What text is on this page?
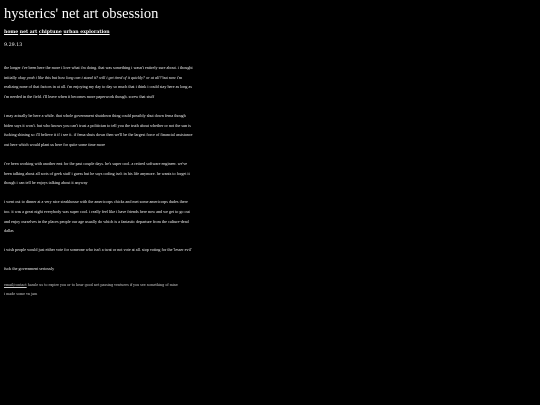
hysterics' net art obsession
home net art chiptune urban exploration
9.29.13

the longer i've been here the more i love what i'm doing. that was something i wasn't entirely sure about. i thought initially okay yeah i like this but how long can i stand it? will i get tired of it quickly? or at all? but now i'm realizing none of that factors in at all. i'm enjoying my day to day so much that i think i could stay here as long as i'm needed in the field. i'll leave when it becomes more paperwork though. screw that stuff

i may actually be here a while. that whole government shutdown thing could possibly shut down fema though biden says it won't. but who knows you can't trust a politician to tell you the truth about whether or not the sun is fucking shining so i'll believe it if i see it. if fema shuts down then we'll be the largest force of financial assistance out here which would plant us here for quite some time more

i've been working with another emt for the past couple days. he's super cool. a retired software engineer. we've been talking about all sorts of geek stuff i guess but he says coding isn't in his life anymore. he wants to forget it though i can tell he enjoys talking about it anyway

i went out to dinner at a very nice steakhouse with the americorps chicks and met some americorps dudes there too. it was a great night everybody was super cool. i really feel like i have friends here now and we get to go out and enjoy ourselves in the places people our age usually do which is a fantastic departure from the culture-dead dallas

i wish people would just either vote for someone who isn't a twat or not vote at all. stop voting for the 'lesser evil'

fuck the government seriously

email/contact hassle us to expire you or to hear good net passing ventures if you see something of mine
i made some vn jam
